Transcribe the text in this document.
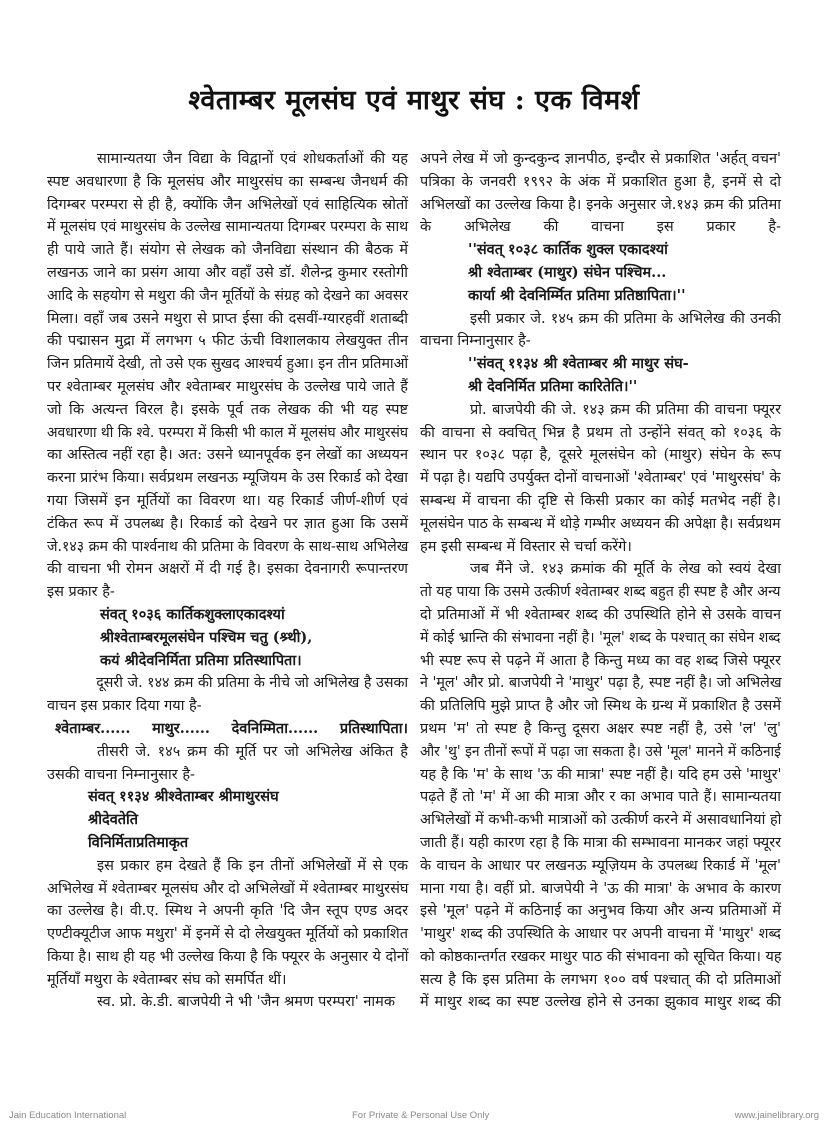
श्वेताम्बर मूलसंघ एवं माथुर संघ : एक विमर्श
सामान्यतया जैन विद्या के विद्वानों एवं शोधकर्ताओं की यह
स्पष्ट अवधारणा है कि मूलसंघ और माथुरसंघ का सम्बन्ध जैनधर्म की
दिगम्बर परम्परा से ही है, क्योंकि जैन अभिलेखों एवं साहित्यिक स्रोतों
में मूलसंघ एवं माथुरसंघ के उल्लेख सामान्यतया दिगम्बर परम्परा के साथ
ही पाये जाते हैं। संयोग से लेखक को जैनविद्या संस्थान की बैठक में
लखनऊ जाने का प्रसंग आया और वहाँ उसे डॉ. शैलेन्द्र कुमार रस्तोगी
आदि के सहयोग से मथुरा की जैन मूर्तियों के संग्रह को देखने का अवसर
मिला। वहाँ जब उसने मथुरा से प्राप्त ईसा की दसवीं-ग्यारहवीं शताब्दी
की पद्मासन मुद्रा में लगभग ५ फीट ऊंची विशालकाय लेखयुक्त तीन
जिन प्रतिमायें देखी, तो उसे एक सुखद आश्चर्य हुआ। इन तीन प्रतिमाओं
पर श्वेताम्बर मूलसंघ और श्वेताम्बर माथुरसंघ के उल्लेख पाये जाते हैं
जो कि अत्यन्त विरल है। इसके पूर्व तक लेखक की भी यह स्पष्ट
अवधारणा थी कि श्वे. परम्परा में किसी भी काल में मूलसंघ और माथुरसंघ
का अस्तित्व नहीं रहा है। अत: उसने ध्यानपूर्वक इन लेखों का अध्ययन
करना प्रारंभ किया। सर्वप्रथम लखनऊ म्यूजियम के उस रिकार्ड को देखा
गया जिसमें इन मूर्तियों का विवरण था। यह रिकार्ड जीर्ण-शीर्ण एवं
टंकित रूप में उपलब्ध है। रिकार्ड को देखने पर ज्ञात हुआ कि उसमें
जे.१४३ क्रम की पार्श्वनाथ की प्रतिमा के विवरण के साथ-साथ अभिलेख
की वाचना भी रोमन अक्षरों में दी गई है। इसका देवनागरी रूपान्तरण
इस प्रकार है-
संवत् १०३६ कार्तिकशुक्लाएकादश्यां
श्रीश्वेताम्बरमूलसंघेन पश्चिम चतु (श्र्थी),
कयं श्रीदेवनिर्मिता प्रतिमा प्रतिस्थापिता।
दूसरी जे. १४४ क्रम की प्रतिमा के नीचे जो अभिलेख है उसका
वाचन इस प्रकार दिया गया है-
श्वेताम्बर...... माथुर...... देवनिम्मिता...... प्रतिस्थापिता।
तीसरी जे. १४५ क्रम की मूर्ति पर जो अभिलेख अंकित है
उसकी वाचना निम्नानुसार है-
संवत् ११३४ श्रीश्वेताम्बर श्रीमाथुरसंघ
श्रीदेवतेति
विनिर्मिताप्रतिमाकृत
इस प्रकार हम देखते हैं कि इन तीनों अभिलेखों में से एक
अभिलेख में श्वेताम्बर मूलसंघ और दो अभिलेखों में श्वेताम्बर माथुरसंघ
का उल्लेख है। वी.ए. स्मिथ ने अपनी कृति 'दि जैन स्तूप एण्ड अदर
एण्टीक्यूटीज आफ मथुरा' में इनमें से दो लेखयुक्त मूर्तियों को प्रकाशित
किया है। साथ ही यह भी उल्लेख किया है कि फ्यूरर के अनुसार ये दोनों
मूर्तियाँ मथुरा के श्वेताम्बर संघ को समर्पित थीं।
स्व. प्रो. के.डी. बाजपेयी ने भी 'जैन श्रमण परम्परा' नामक
अपने लेख में जो कुन्दकुन्द ज्ञानपीठ, इन्दौर से प्रकाशित 'अर्हत् वचन'
पत्रिका के जनवरी १९९२ के अंक में प्रकाशित हुआ है, इनमें से दो
अभिलखों का उल्लेख किया है। इनके अनुसार जे.१४३ क्रम की प्रतिमा
के अभिलेख की वाचना इस प्रकार है-
''संवत् १०३८ कार्तिक शुक्ल एकादश्यां
श्री श्वेताम्बर (माथुर) संघेन पश्चिम...
कार्या श्री देवनिर्म्मित प्रतिमा प्रतिष्ठापिता।''
इसी प्रकार जे. १४५ क्रम की प्रतिमा के अभिलेख की उनकी
वाचना निम्नानुसार है-
''संवत् ११३४ श्री श्वेताम्बर श्री माथुर संघ-
श्री देवनिर्मित प्रतिमा कारितेति।''
प्रो. बाजपेयी की जे. १४३ क्रम की प्रतिमा की वाचना फ्यूरर
की वाचना से क्वचित् भिन्न है प्रथम तो उन्होंने संवत् को १०३६ के
स्थान पर १०३८ पढ़ा है, दूसरे मूलसंघेन को (माथुर) संघेन के रूप
में पढ़ा है। यद्यपि उपर्युक्त दोनों वाचनाओं 'श्वेताम्बर' एवं 'माथुरसंघ' के
सम्बन्ध में वाचना की दृष्टि से किसी प्रकार का कोई मतभेद नहीं है।
मूलसंघेन पाठ के सम्बन्ध में थोड़े गम्भीर अध्ययन की अपेक्षा है। सर्वप्रथम
हम इसी सम्बन्ध में विस्तार से चर्चा करेंगे।
जब मैंने जे. १४३ क्रमांक की मूर्ति के लेख को स्वयं देखा
तो यह पाया कि उसमे उत्कीर्ण श्वेताम्बर शब्द बहुत ही स्पष्ट है और अन्य
दो प्रतिमाओं में भी श्वेताम्बर शब्द की उपस्थिति होने से उसके वाचन
में कोई भ्रान्ति की संभावना नहीं है। 'मूल' शब्द के पश्चात् का संघेन शब्द
भी स्पष्ट रूप से पढ़ने में आता है किन्तु मध्य का वह शब्द जिसे फ्यूरर
ने 'मूल' और प्रो. बाजपेयी ने 'माथुर' पढ़ा है, स्पष्ट नहीं है। जो अभिलेख
की प्रतिलिपि मुझे प्राप्त है और जो स्मिथ के ग्रन्थ में प्रकाशित है उसमें
प्रथम 'म' तो स्पष्ट है किन्तु दूसरा अक्षर स्पष्ट नहीं है, उसे 'ल' 'लु'
और 'थु' इन तीनों रूपों में पढ़ा जा सकता है। उसे 'मूल' मानने में कठिनाई
यह है कि 'म' के साथ 'ऊ की मात्रा' स्पष्ट नहीं है। यदि हम उसे 'माथुर'
पढ़ते हैं तो 'म' में आ की मात्रा और र का अभाव पाते हैं। सामान्यतया
अभिलेखों में कभी-कभी मात्राओं को उत्कीर्ण करने में असावधानियां हो
जाती हैं। यही कारण रहा है कि मात्रा की सम्भावना मानकर जहां फ्यूरर
के वाचन के आधार पर लखनऊ म्यूज़ियम के उपलब्ध रिकार्ड में 'मूल'
माना गया है। वहीं प्रो. बाजपेयी ने 'ऊ की मात्रा' के अभाव के कारण
इसे 'मूल' पढ़ने में कठिनाई का अनुभव किया और अन्य प्रतिमाओं में
'माथुर' शब्द की उपस्थिति के आधार पर अपनी वाचना में 'माथुर' शब्द
को कोष्ठकान्तर्गत रखकर माथुर पाठ की संभावना को सूचित किया। यह
सत्य है कि इस प्रतिमा के लगभग १०० वर्ष पश्चात् की दो प्रतिमाओं
में माथुर शब्द का स्पष्ट उल्लेख होने से उनका झुकाव माथुर शब्द की
Jain Education International	For Private & Personal Use Only	www.jainelibrary.org
